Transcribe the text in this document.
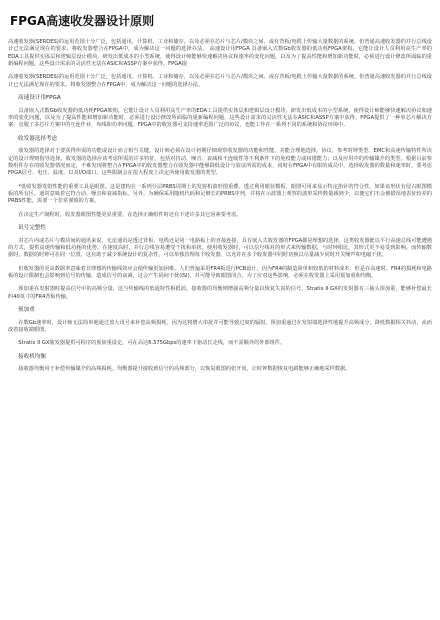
FPGA高速收发器设计原则
高速收发器(SERDES)的运用范围十分广泛，包括通讯、计算机、工业和储存，以及必须在芯片与芯片/模块之间、或在背板/电缆上传输大量数据的系统。但普通高速收发器的并行总线设计已无法满足现在的要求。将收发器整合在FPGA中，成为解决这一问题的选择办法。 高速设计用FPGA 具备嵌入式数Gb收发器的低功耗FPGA架构，它能让设计人员利用高生产率的EDA工具提供实体层和逻辑层设计模块，研发出低成本的小型系统，使得设计师能够快速解决协议和速率的变化问题，以及为了提高性能和增加新功能时，必须进行设计修改所面临的重新编程问题，这些设计需求的灵活性无法在ASIC和ASSP方案中获得。FPGA提
高速收发器(SERDES)的运用范围十分广泛，包括通讯、计算机、工业和储存，以及必须在芯片与芯片/模块之间、或在背板/电缆上传输大量数据的系统。但普通高速收发器的并行总线设计已无法满足现在的要求。将收发器整合在FPGA中，成为解决这一问题的选择办法。
高速设计用FPGA
具备嵌入式数Gb收发器的低功耗FPGA架构，它能让设计人员利用高生产率的EDA工具提供实体层和逻辑层设计模块，研发出低成本的小型系统，使得设计师能够快速解决协议和速率的变化问题，以及为了提高性能和增加新功能时，必须进行设计修改所面临的重新编程问题，这些设计需求的灵活性无法在ASIC和ASSP方案中获得。FPGA提供了一种单芯片解决方案，克服了多芯片方案中的互连作业、布线和功率问题。FPGA中的收发器可支持速率范围广泛的协议，也能工作在一系列不同的系统和协议环境中。
收发器选择考虑
收发器的选择对于要获得所需的功能或设计而言相当关键。设计师必须在设计初期仔细观察收发器的功能和性能，并能合理地选择。协议、参考时钟类型、EMC和高速传输特性所决定的设计规则指导选择。收发器的选择应该考虑所需的许多特征，包括对抖动、噪音、衰减和不连续性等不利条件下的免疫能力或纠错能力；以及应用中的传输媒介的类型。根据目前参数组件存在的收发器情况而定，不难发现将整合在FPGA中的收发器整合在收发器中能够降低设计与验证所需的成本，同时在FPGA中有限的成员中，选择收发器的数量和速率时，要考虑FPGA信号、电压、温度、以及I/O端口，这些限制会在很大程度上决定所使用收发器的类型。
*低收发器发射性能的重要工具是眼图。这是建构在一系列分层PRBS周期上的发射机波形图重叠。透过利用眼状模板，眼图可用来显示特定指针的符合性。如果该形状有侵占眼图模板的所有区，通常意味着它符合动、噪音和衰减指标。另外，为确保采用随机代码和足够长的PRBS序列，并将在示波器上观察的波形采样数量减到少，以便它们不会被错误地表征较差的PRBS性能，需要一个非常谨慎的方案。
在决定生产制程时，收发器眼图性能更显重要。在选择正确组件时还有下述许多其它因素要考虑。
讯号完整性
对芯片内或芯片与模块间的通讯来说，无论通讯是透过背板、电缆还是同一电路板上的直接连接，具有嵌入式收发器的FPGA都是理想的选择。这类收发器能以平行高速总线可能遭遇的方式，提供高速传输和低功耗的优势。在速度高时，并行总线容易遭受干扰和串扰。使用收发器时，可以信号线对的形式来传输数据，与时钟相比，其形式更不易受到影响。而传输数据时，数据的时钟可在同一位置，这有助于减少系统设计的复杂性，可以单独管理每个收发器，以允许在多个收发器中同时切换以尽量减少同时开关噪声和电磁干扰。
但收发器的更高数据率意味着非理想的传输线效应会使传输更加困难。人们普遍采用FR4板进行PCB设计，因为FR4的制造简单和较低的材料成本，但是在高速时，FR4的损耗和电路板的设计限制也会影响到信号的传输，造成信号的衰减，这会产生码间干扰(ISI)，并可能导致眼图闭合。为了应对这些影响，必须在收发器上采用预加重和均衡。
预加重在发射器时提高信号中的高频分量，这与传输线的低通特性相抵消。接收器的均衡则增强高频分量以恢复失真的信号。Stratix II GX的发射器有三抽头预加重，能够补偿最长约40英寸的FR4背板传输。
预加重
在数Gb速率时，设计师无法简单地通过放大讯号来补偿高频损耗，因为这将增大串扰并可能导致过度的辐射。预加重通过在发射端选择性地提升高频成分，降低数据相关抖动，从而改善接收端眼图。
Stratix II GX收发器提供可程序的预加重设定，可在高达6.375Gbps的速率下驱动长走线，而不需额外的外部组件。
接收机均衡
接收器均衡用于补偿传输媒介的高频损耗。均衡器提升接收到信号的高频部分，以恢复眼图的张开度，让时钟数据恢复电路能够正确地采样数据。
